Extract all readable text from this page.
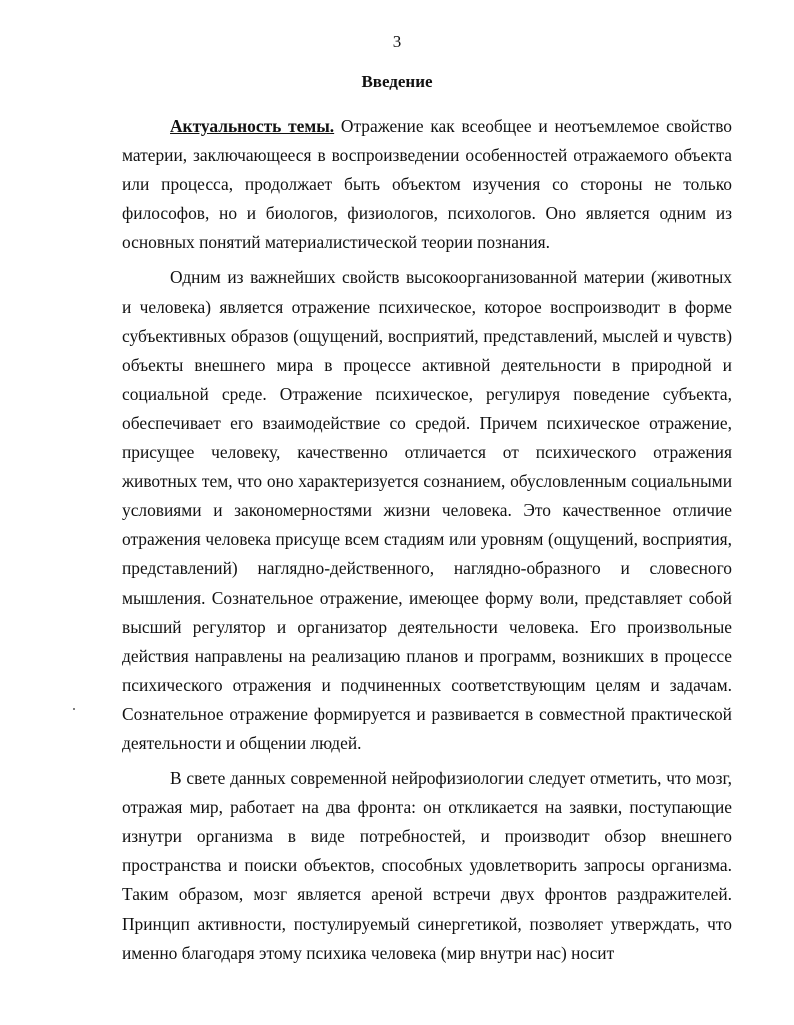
3
Введение

Актуальность темы. Отражение как всеобщее и неотъемлемое свойство материи, заключающееся в воспроизведении особенностей отражаемого объекта или процесса, продолжает быть объектом изучения со стороны не только философов, но и биологов, физиологов, психологов. Оно является одним из основных понятий материалистической теории познания.

Одним из важнейших свойств высокоорганизованной материи (животных и человека) является отражение психическое, которое воспроизводит в форме субъективных образов (ощущений, восприятий, представлений, мыслей и чувств) объекты внешнего мира в процессе активной деятельности в природной и социальной среде. Отражение психическое, регулируя поведение субъекта, обеспечивает его взаимодействие со средой. Причем психическое отражение, присущее человеку, качественно отличается от психического отражения животных тем, что оно характеризуется сознанием, обусловленным социальными условиями и закономерностями жизни человека. Это качественное отличие отражения человека присуще всем стадиям или уровням (ощущений, восприятия, представлений) наглядно-действенного, наглядно-образного и словесного мышления. Сознательное отражение, имеющее форму воли, представляет собой высший регулятор и организатор деятельности человека. Его произвольные действия направлены на реализацию планов и программ, возникших в процессе психического отражения и подчиненных соответствующим целям и задачам. Сознательное отражение формируется и развивается в совместной практической деятельности и общении людей.

В свете данных современной нейрофизиологии следует отметить, что мозг, отражая мир, работает на два фронта: он откликается на заявки, поступающие изнутри организма в виде потребностей, и производит обзор внешнего пространства и поиски объектов, способных удовлетворить запросы организма. Таким образом, мозг является ареной встречи двух фронтов раздражителей. Принцип активности, постулируемый синергетикой, позволяет утверждать, что именно благодаря этому психика человека (мир внутри нас) носит
